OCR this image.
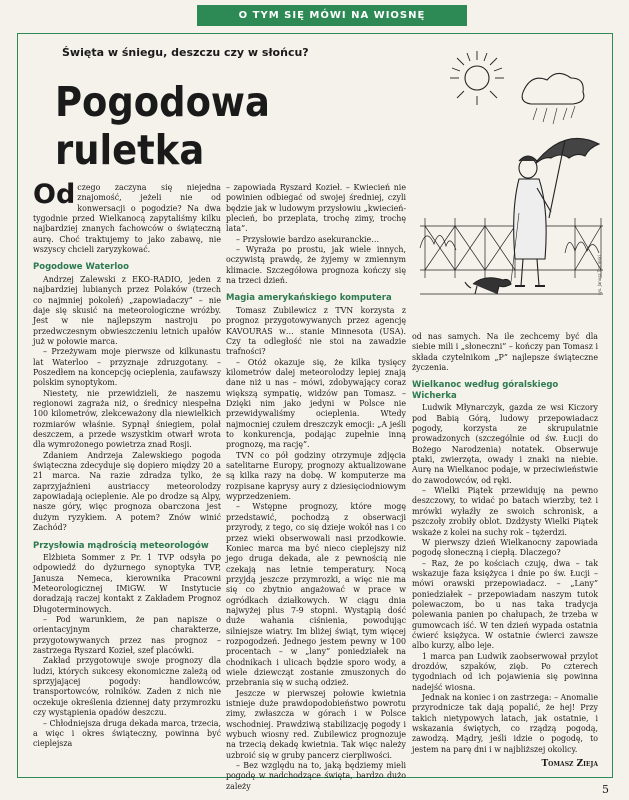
O TYM SIĘ MÓWI NA WIOSNĘ
Święta w śniegu, deszczu czy w słońcu?
Pogodowa ruletka
rys. Janusz Trzciński

Od czego zaczyna się niejedna znajomość, jeżeli nie od konwersacji o pogodzie? Na dwa tygodnie przed Wielkanocą zapytaliśmy kilku najbardziej znanych fachowców o świąteczną aurę. Choć traktujemy to jako zabawę, nie wszyscy chcieli zaryzykować.

Pogodowe Waterloo

Andrzej Zalewski z EKO-RADIO, jeden z najbardziej lubianych przez Polaków (trzech co najmniej pokoleń) „zapowiadaczy” – nie daje się skusić na meteorologiczne wróżby. Jest w nie najlepszym nastroju po przedwczesnym obwieszczeniu letnich upałów już w połowie marca.

– Przeżywam moje pierwsze od kilkunastu lat Waterloo – przyznaje zdruzgotany. – Poszedłem na koncepcję ocieplenia, zaufawszy polskim synoptykom.

Niestety, nie przewidzieli, że naszemu regionowi zagraża niż, o średnicy niespełna 100 kilometrów, zlekceważony dla niewielkich rozmiarów właśnie. Sypnął śniegiem, polał deszczem, a przede wszystkim otwarł wrota dla wymrożonego powietrza znad Rosji.

Zdaniem Andrzeja Zalewskiego pogoda świąteczna zdecyduje się dopiero między 20 a 21 marca. Na razie zdradza tylko, że zaprzyjaźnieni austriaccy meteorolodzy zapowiadają ocieplenie. Ale po drodze są Alpy, nasze góry, więc prognoza obarczona jest dużym ryzykiem. A potem? Znów winić Zachód?

Przysłowia mądrością meteorologów

Elżbieta Sommer z Pr. 1 TVP odsyła po odpowiedź do dyżurnego synoptyka TVP, Janusza Nemeca, kierownika Pracowni Meteorologicznej IMiGW. W Instytucie doradzają raczej kontakt z Zakładem Prognoz Długoterminowych.

– Pod warunkiem, że pan napisze o orientacyjnym charakterze, przygotowywanych przez nas prognoz – zastrzega Ryszard Kozieł, szef placówki.

Zakład przygotowuje swoje prognozy dla ludzi, których sukcesy ekonomiczne zależą od sprzyjającej pogody: handlowców, transportowców, rolników. Zaden z nich nie oczekuje określenia dziennej daty przymrozku czy wystąpienia opadów deszczu.

– Chłodniejsza druga dekada marca, trzecia, a więc i okres świąteczny, powinna być cieplejsza

– zapowiada Ryszard Kozieł. – Kwiecień nie powinien odbiegać od swojej średniej, czyli będzie jak w ludowym przysłowiu „kwiecień-plecień, bo przeplata, trochę zimy, trochę lata”.

– Przysłowie bardzo asekuranckie…

– Wyraża po prostu, jak wiele innych, oczywistą prawdę, że żyjemy w zmiennym klimacie. Szczegółowa prognoza kończy się na trzeci dzień.

Magia amerykańskiego komputera

Tomasz Zubilewicz z TVN korzysta z prognoz przygotowywanych przez agencję KAVOURAS w… stanie Minnesota (USA). Czy ta odległość nie stoi na zawadzie trafności?

– Otóż okazuje się, że kilka tysięcy kilometrów dalej meteorolodzy lepiej znają dane niż u nas – mówi, zdobywający coraz większą sympatię, widzów pan Tomasz. – Dzięki nim jako jedyni w Polsce nie przewidywaliśmy ocieplenia. Wtedy najmocniej czułem dreszczyk emocji: „A jeśli to konkurencja, podając zupełnie inną prognozę, ma rację”.

TVN co pół godziny otrzymuje zdjęcia satelitarne Europy, prognozy aktualizowane są kilka razy na dobę. W komputerze ma rozpisane kaprysy aury z dziesięciodniowym wyprzedzeniem.

– Wstępne prognozy, które mogę przedstawić, pochodzą z obserwacji przyrody, z tego, co się dzieje wokół nas i co przez wieki obserwowali nasi przodkowie. Koniec marca ma być nieco cieplejszy niż jego druga dekada, ale z pewnością nie czekają nas letnie temperatury. Nocą przyjdą jeszcze przymrozki, a więc nie ma się co zbytnio angażować w prace w ogródkach działkowych. W ciągu dnia najwyżej plus 7-9 stopni. Wystąpią dość duże wahania ciśnienia, powodując silniejsze wiatry. Im bliżej świąt, tym więcej rozpogodzeń. Jednego jestem pewny w 100 procentach – w „lany” poniedziałek na chodnikach i ulicach będzie sporo wody, a wiele dziewcząt zostanie zmuszonych do przebrania się w suchą odzież.

Jeszcze w pierwszej połowie kwietnia istnieje duże prawdopodobieństwo powrotu zimy, zwłaszcza w górach i w Polsce wschodniej. Prawdziwą stabilizację pogody i wybuch wiosny red. Zubilewicz prognozuje na trzecią dekadę kwietnia. Tak więc należy uzbroić się w gruby pancerz cierpliwości.

– Bez względu na to, jaką będziemy mieli pogodę w nadchodzące święta, bardzo dużo zależy

od nas samych. Na ile zechcemy być dla siebie mili i „słoneczni” – kończy pan Tomasz i składa czytelnikom „P” najlepsze świąteczne życzenia.

Wielkanoc według góralskiego Wicherka

Ludwik Młynarczyk, gazda ze wsi Kiczory pod Babią Górą, ludowy przepowiadacz pogody, korzysta ze skrupulatnie prowadzonych (szczególnie od św. Łucji do Bożego Narodzenia) notatek. Obserwuje ptaki, zwierzęta, owady i znaki na niebie. Aurę na Wielkanoc podaje, w przeciwieństwie do zawodowców, od ręki.

– Wielki Piątek przewiduję na pewno deszczowy, to widać po batach wierzby, też i mrówki wyłaźły ze swoich schronisk, a pszczoły zrobiły oblot. Dzdżysty Wielki Piątek wskaże z kolei na suchy rok – tężerdzi.

W pierwszy dzień Wielkanocny zapowiada pogodę słoneczną i ciepłą. Dlaczego?

– Raz, że po kościach czuję, dwa – tak wskazuje faza księżyca i dnie po św. Łucji – mówi orawski przepowiadacz. – „Lany” poniedziałek – przepowiadam naszym tutok polewaczom, bo u nas taka tradycja polewania panien po chałupach, że trzeba w gumowcach iść. W ten dzień wypada ostatnia ćwierć księżyca. W ostatnie ćwierci zawsze albo kurzy, albo leje.

1 marca pan Ludwik zaobserwował przylot drozdów, szpaków, zięb. Po czterech tygodniach od ich pojawienia się powinna nadejść wiosna.

Jednak na koniec i on zastrzega: – Anomalie przyrodnicze tak dają popalić, że hej! Przy takich nietypowych latach, jak ostatnie, i wskazania świętych, co rządzą pogodą, zawodzą. Mądry, jeśli idzie o pogodę, to jestem na parę dni i w najbliższej okolicy.

Tomasz Zieja
5
